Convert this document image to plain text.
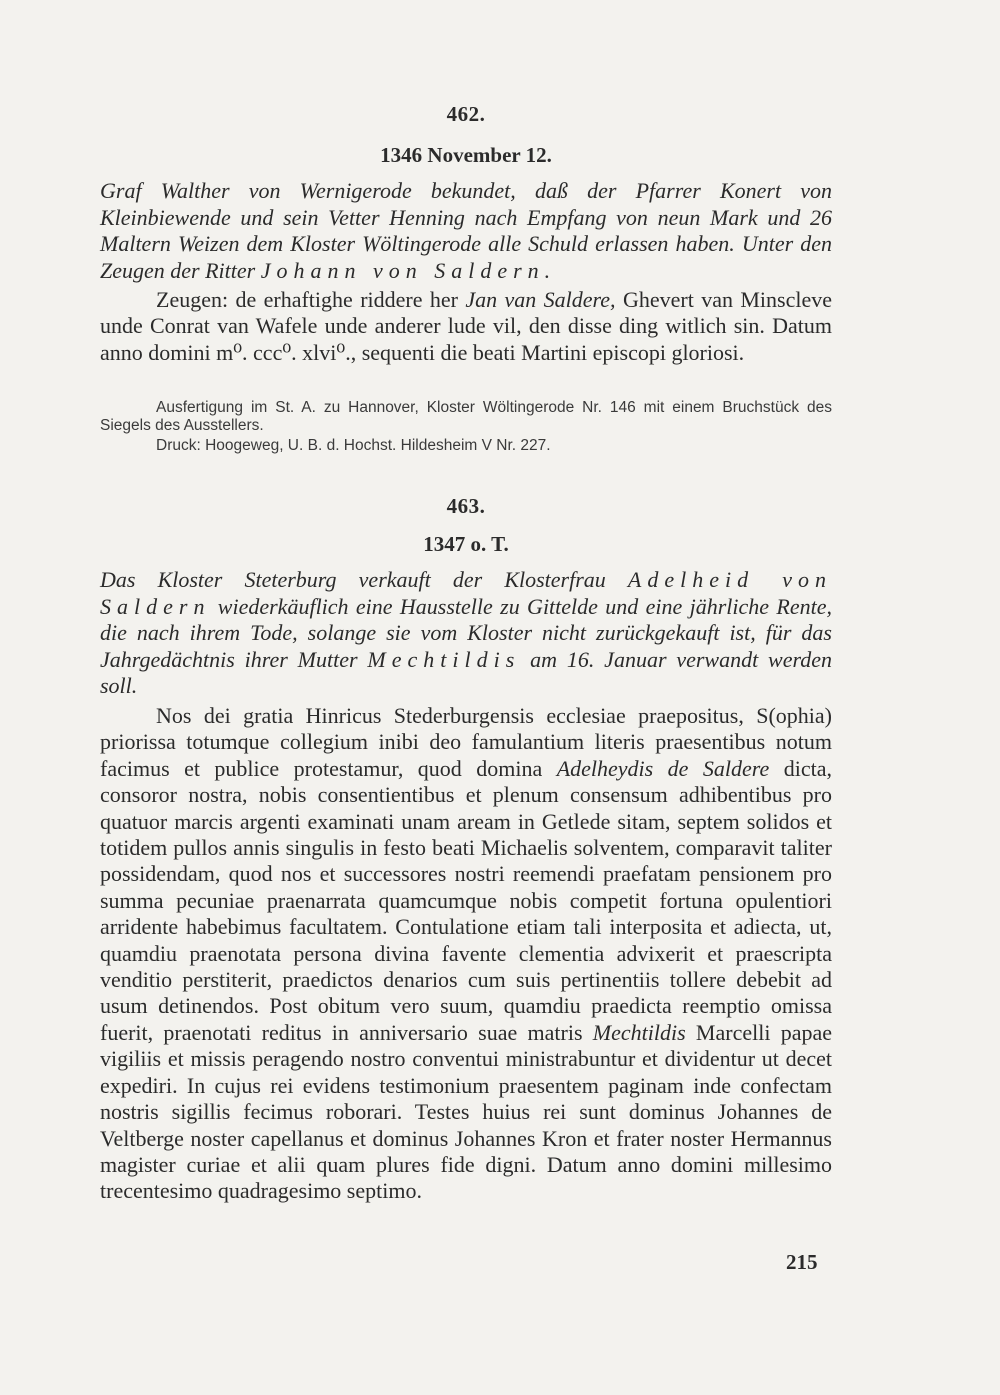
462.
1346 November 12.
Graf Walther von Wernigerode bekundet, daß der Pfarrer Konert von Kleinbiewende und sein Vetter Henning nach Empfang von neun Mark und 26 Maltern Weizen dem Kloster Wöltingerode alle Schuld erlassen haben. Unter den Zeugen der Ritter Johann von Saldern.
Zeugen: de erhaftighe riddere her Jan van Saldere, Ghevert van Minscleve unde Conrat van Wafele unde anderer lude vil, den disse ding witlich sin. Datum anno domini m⁰. ccc⁰. xlvi⁰., sequenti die beati Martini episcopi gloriosi.
Ausfertigung im St. A. zu Hannover, Kloster Wöltingerode Nr. 146 mit einem Bruchstück des Siegels des Ausstellers.
Druck: Hoogeweg, U. B. d. Hochst. Hildesheim V Nr. 227.
463.
1347 o. T.
Das Kloster Steterburg verkauft der Klosterfrau Adelheid von Saldern wiederkäuflich eine Hausstelle zu Gittelde und eine jährliche Rente, die nach ihrem Tode, solange sie vom Kloster nicht zurückgekauft ist, für das Jahrgedächtnis ihrer Mutter Mechtildis am 16. Januar verwandt werden soll.
Nos dei gratia Hinricus Stederburgensis ecclesiae praepositus, S(ophia) priorissa totumque collegium inibi deo famulantium literis praesentibus notum facimus et publice protestamur, quod domina Adelheydis de Saldere dicta, consoror nostra, nobis consentientibus et plenum consensum adhibentibus pro quatuor marcis argenti examinati unam aream in Getlede sitam, septem solidos et totidem pullos annis singulis in festo beati Michaelis solventem, comparavit taliter possidendam, quod nos et successores nostri reemendi praefatam pensionem pro summa pecuniae praenarrata quamcumque nobis competit fortuna opulentiori arridente habebimus facultatem. Contulatione etiam tali interposita et adiecta, ut, quamdiu praenotata persona divina favente clementia advixerit et praescripta venditio perstiterit, praedictos denarios cum suis pertinentiis tollere debebit ad usum detinendos. Post obitum vero suum, quamdiu praedicta reemptio omissa fuerit, praenotati reditus in anniversario suae matris Mechtildis Marcelli papae vigiliis et missis peragendo nostro conventui ministrabuntur et dividentur ut decet expediri. In cujus rei evidens testimonium praesentem paginam inde confectam nostris sigillis fecimus roborari. Testes huius rei sunt dominus Johannes de Veltberge noster capellanus et dominus Johannes Kron et frater noster Hermannus magister curiae et alii quam plures fide digni. Datum anno domini millesimo trecentesimo quadragesimo septimo.
215
